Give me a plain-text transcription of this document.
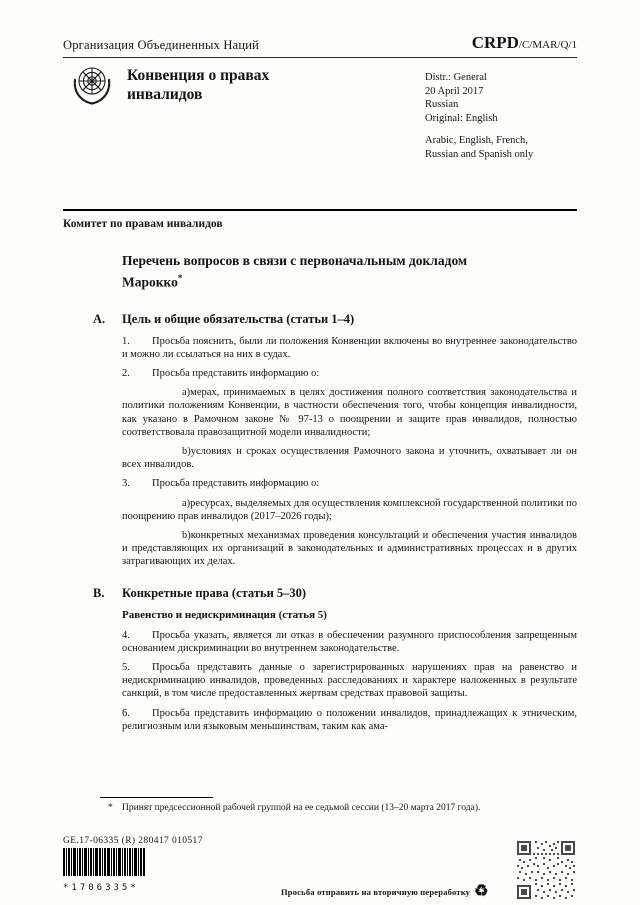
Организация Объединенных Наций	CRPD/C/MAR/Q/1
Конвенция о правах инвалидов
Distr.: General
20 April 2017
Russian
Original: English
Arabic, English, French,
Russian and Spanish only
Комитет по правам инвалидов
Перечень вопросов в связи с первоначальным докладом Марокко*
A.	Цель и общие обязательства (статьи 1–4)

1. Просьба пояснить, были ли положения Конвенции включены во внутреннее законодательство и можно ли ссылаться на них в судах.

2. Просьба представить информацию о:

a)мерах, принимаемых в целях достижения полного соответствия законодательства и политики положениям Конвенции, в частности обеспечения того, чтобы концепция инвалидности, как указано в Рамочном законе № 97-13 о поощрении и защите прав инвалидов, полностью соответствовала правозащитной модели инвалидности;

b)условиях и сроках осуществления Рамочного закона и уточнить, охватывает ли он всех инвалидов.

3. Просьба представить информацию о:

a)ресурсах, выделяемых для осуществления комплексной государственной политики по поощрению прав инвалидов (2017–2026 годы);

b)конкретных механизмах проведения консультаций и обеспечения участия инвалидов и представляющих их организаций в законодательных и административных процессах и в других затрагивающих их делах.

B.	Конкретные права (статьи 5–30)
Равенство и недискриминация (статья 5)

4. Просьба указать, является ли отказ в обеспечении разумного приспособления запрещенным основанием дискриминации во внутреннем законодательстве.

5. Просьба представить данные о зарегистрированных нарушениях прав на равенство и недискриминацию инвалидов, проведенных расследованиях и характере наложенных в результате санкций, в том числе предоставленных жертвам средствах правовой защиты.

6. Просьба представить информацию о положении инвалидов, принадлежащих к этническим, религиозным или языковым меньшинствам, таким как ама-

* Принят предсессионной рабочей группой на ее седьмой сессии (13–20 марта 2017 года).

GE.17-06335 (R) 280417 010517
*1706335*	Просьба отправить на вторичную переработку ♻
